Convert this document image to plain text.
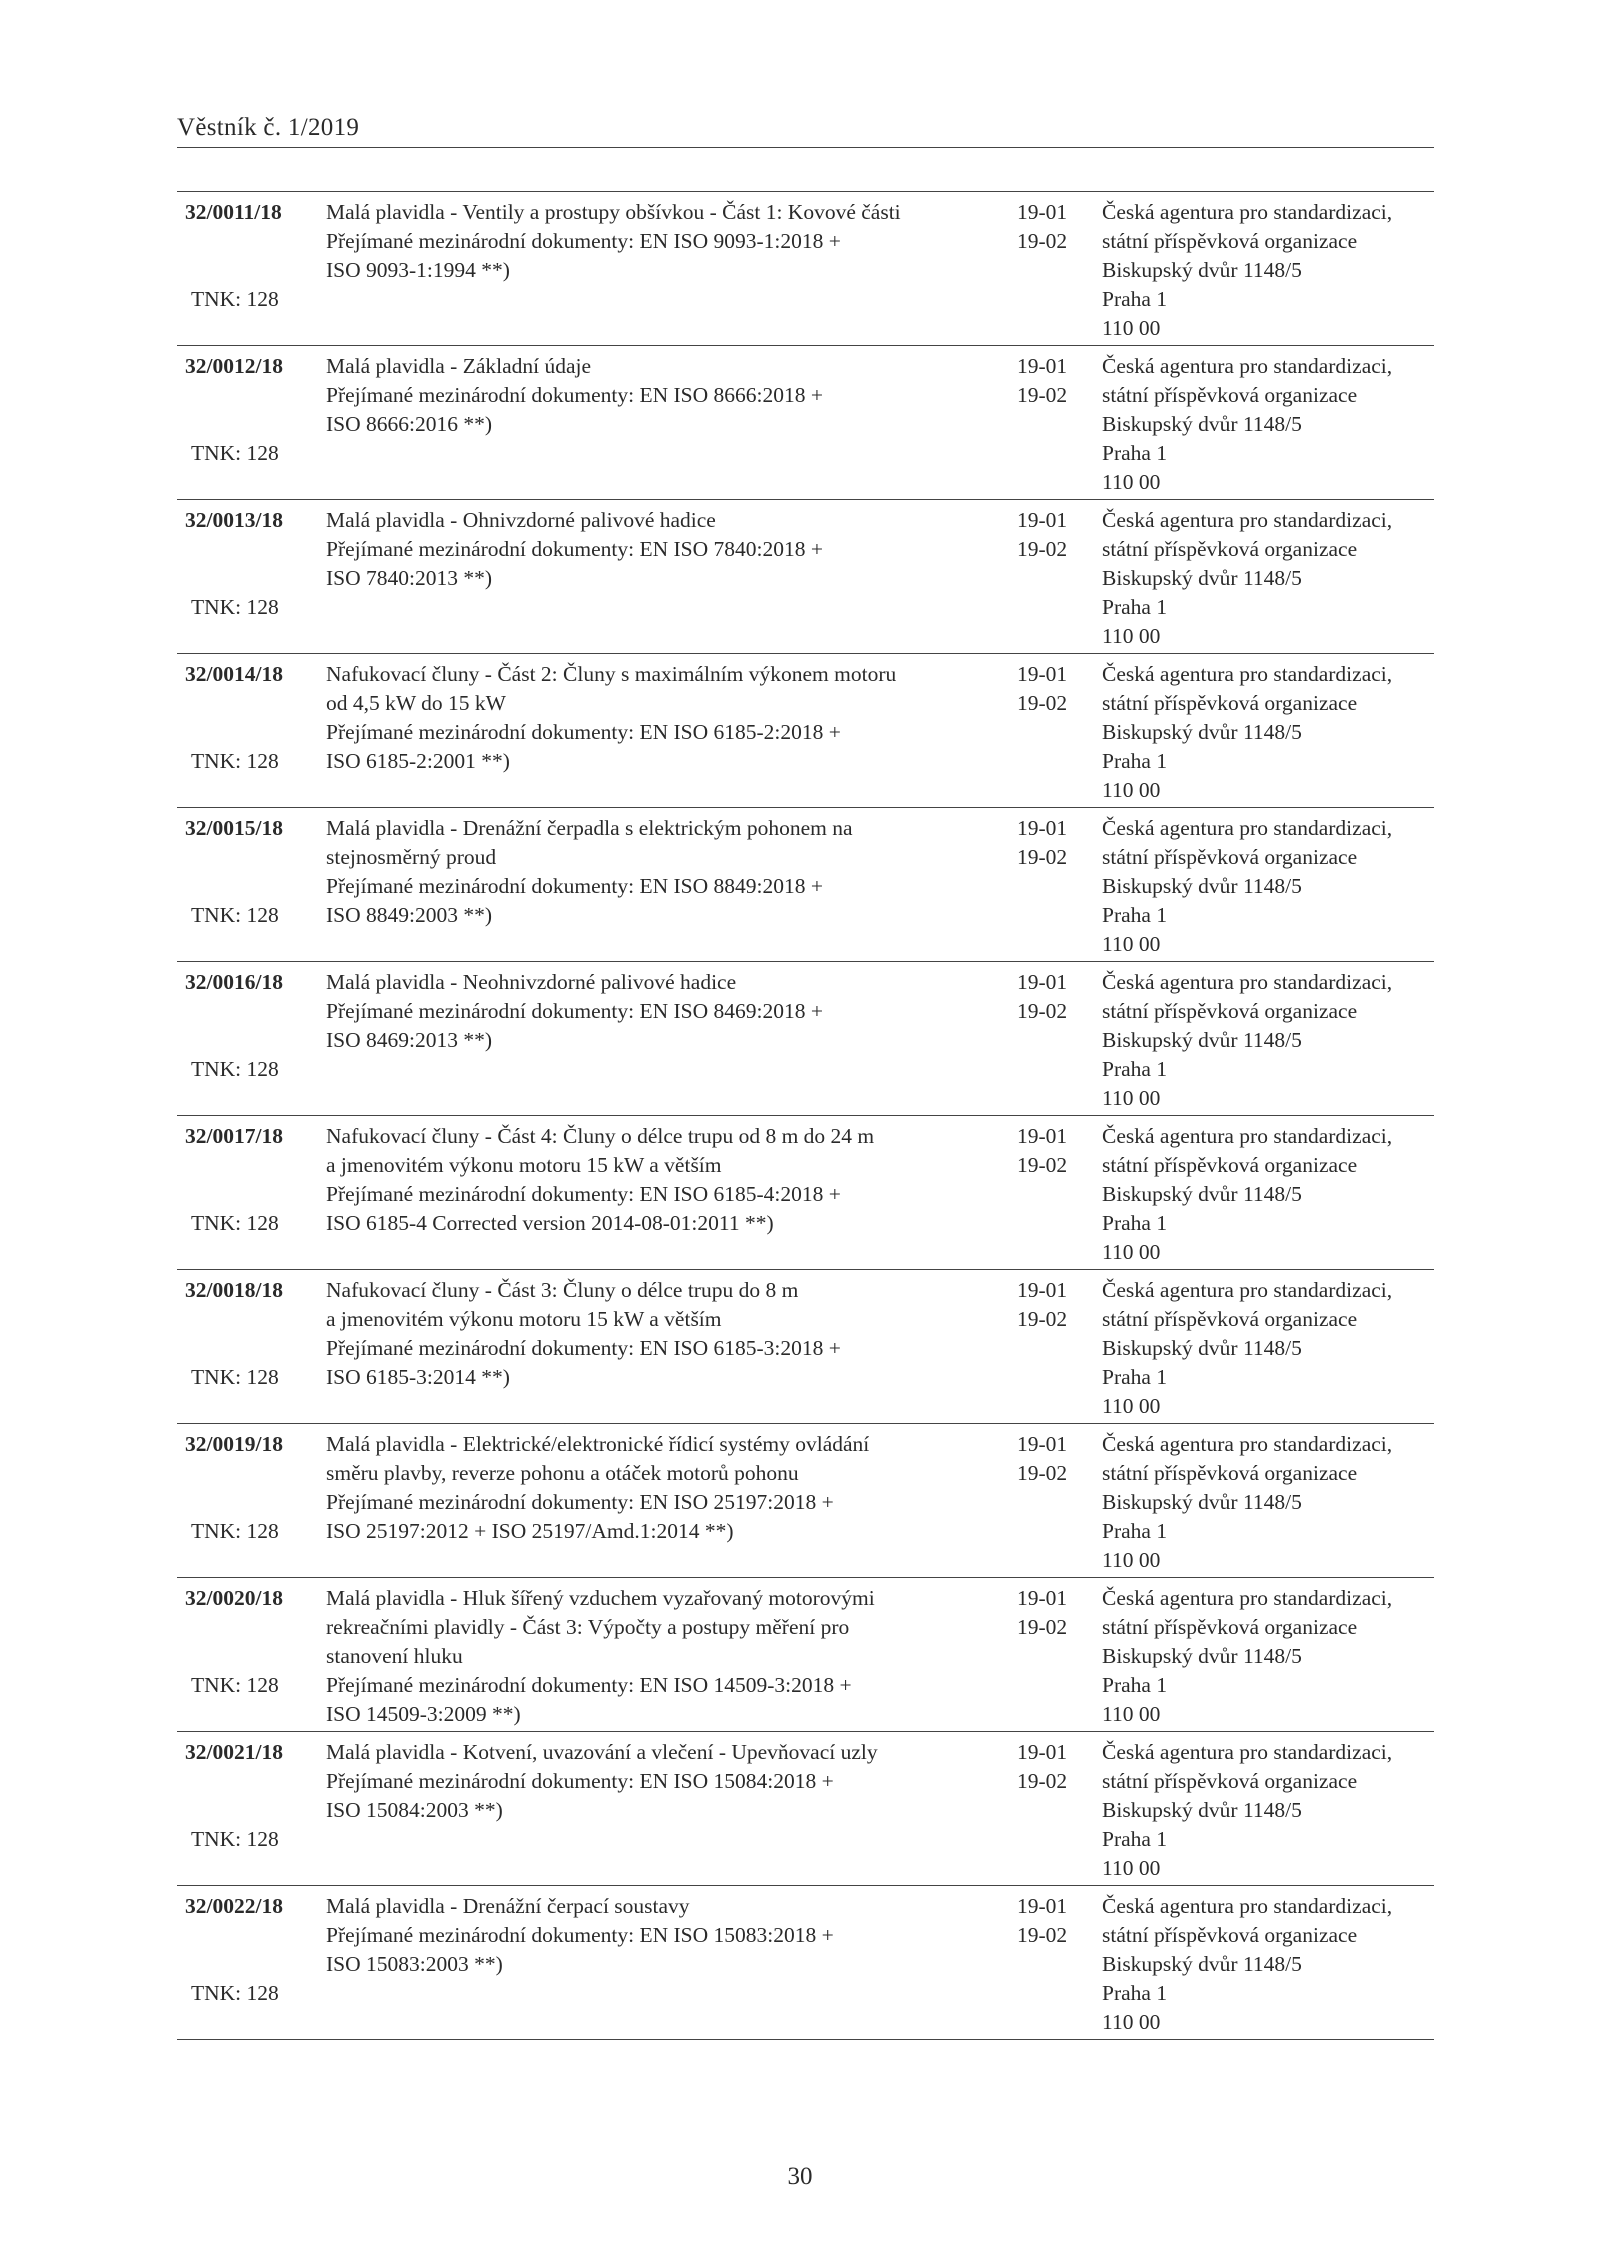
Věstník č. 1/2019
32/0011/18
TNK: 128
Malá plavidla - Ventily a prostupy obšívkou - Část 1: Kovové části
Přejímané mezinárodní dokumenty: EN ISO 9093-1:2018 +
ISO 9093-1:1994 **)
19-01
19-02
Česká agentura pro standardizaci,
státní příspěvková organizace
Biskupský dvůr 1148/5
Praha 1
110 00
32/0012/18
TNK: 128
Malá plavidla - Základní údaje
Přejímané mezinárodní dokumenty: EN ISO 8666:2018 +
ISO 8666:2016 **)
19-01
19-02
Česká agentura pro standardizaci,
státní příspěvková organizace
Biskupský dvůr 1148/5
Praha 1
110 00
32/0013/18
TNK: 128
Malá plavidla - Ohnivzdorné palivové hadice
Přejímané mezinárodní dokumenty: EN ISO 7840:2018 +
ISO 7840:2013 **)
19-01
19-02
Česká agentura pro standardizaci,
státní příspěvková organizace
Biskupský dvůr 1148/5
Praha 1
110 00
32/0014/18
TNK: 128
Nafukovací čluny - Část 2: Čluny s maximálním výkonem motoru
od 4,5 kW do 15 kW
Přejímané mezinárodní dokumenty: EN ISO 6185-2:2018 +
ISO 6185-2:2001 **)
19-01
19-02
Česká agentura pro standardizaci,
státní příspěvková organizace
Biskupský dvůr 1148/5
Praha 1
110 00
32/0015/18
TNK: 128
Malá plavidla - Drenážní čerpadla s elektrickým pohonem na
stejnosměrný proud
Přejímané mezinárodní dokumenty: EN ISO 8849:2018 +
ISO 8849:2003 **)
19-01
19-02
Česká agentura pro standardizaci,
státní příspěvková organizace
Biskupský dvůr 1148/5
Praha 1
110 00
32/0016/18
TNK: 128
Malá plavidla - Neohnivzdorné palivové hadice
Přejímané mezinárodní dokumenty: EN ISO 8469:2018 +
ISO 8469:2013 **)
19-01
19-02
Česká agentura pro standardizaci,
státní příspěvková organizace
Biskupský dvůr 1148/5
Praha 1
110 00
32/0017/18
TNK: 128
Nafukovací čluny - Část 4: Čluny o délce trupu od 8 m do 24 m
a jmenovitém výkonu motoru 15 kW a větším
Přejímané mezinárodní dokumenty: EN ISO 6185-4:2018 +
ISO 6185-4 Corrected version 2014-08-01:2011 **)
19-01
19-02
Česká agentura pro standardizaci,
státní příspěvková organizace
Biskupský dvůr 1148/5
Praha 1
110 00
32/0018/18
TNK: 128
Nafukovací čluny - Část 3: Čluny o délce trupu do 8 m
a jmenovitém výkonu motoru 15 kW a větším
Přejímané mezinárodní dokumenty: EN ISO 6185-3:2018 +
ISO 6185-3:2014 **)
19-01
19-02
Česká agentura pro standardizaci,
státní příspěvková organizace
Biskupský dvůr 1148/5
Praha 1
110 00
32/0019/18
TNK: 128
Malá plavidla - Elektrické/elektronické řídicí systémy ovládání
směru plavby, reverze pohonu a otáček motorů pohonu
Přejímané mezinárodní dokumenty: EN ISO 25197:2018 +
ISO 25197:2012 + ISO 25197/Amd.1:2014 **)
19-01
19-02
Česká agentura pro standardizaci,
státní příspěvková organizace
Biskupský dvůr 1148/5
Praha 1
110 00
32/0020/18
TNK: 128
Malá plavidla - Hluk šířený vzduchem vyzařovaný motorovými
rekreačními plavidly - Část 3: Výpočty a postupy měření pro
stanovení hluku
Přejímané mezinárodní dokumenty: EN ISO 14509-3:2018 +
ISO 14509-3:2009 **)
19-01
19-02
Česká agentura pro standardizaci,
státní příspěvková organizace
Biskupský dvůr 1148/5
Praha 1
110 00
32/0021/18
TNK: 128
Malá plavidla - Kotvení, uvazování a vlečení - Upevňovací uzly
Přejímané mezinárodní dokumenty: EN ISO 15084:2018 +
ISO 15084:2003 **)
19-01
19-02
Česká agentura pro standardizaci,
státní příspěvková organizace
Biskupský dvůr 1148/5
Praha 1
110 00
32/0022/18
TNK: 128
Malá plavidla - Drenážní čerpací soustavy
Přejímané mezinárodní dokumenty: EN ISO 15083:2018 +
ISO 15083:2003 **)
19-01
19-02
Česká agentura pro standardizaci,
státní příspěvková organizace
Biskupský dvůr 1148/5
Praha 1
110 00
30
